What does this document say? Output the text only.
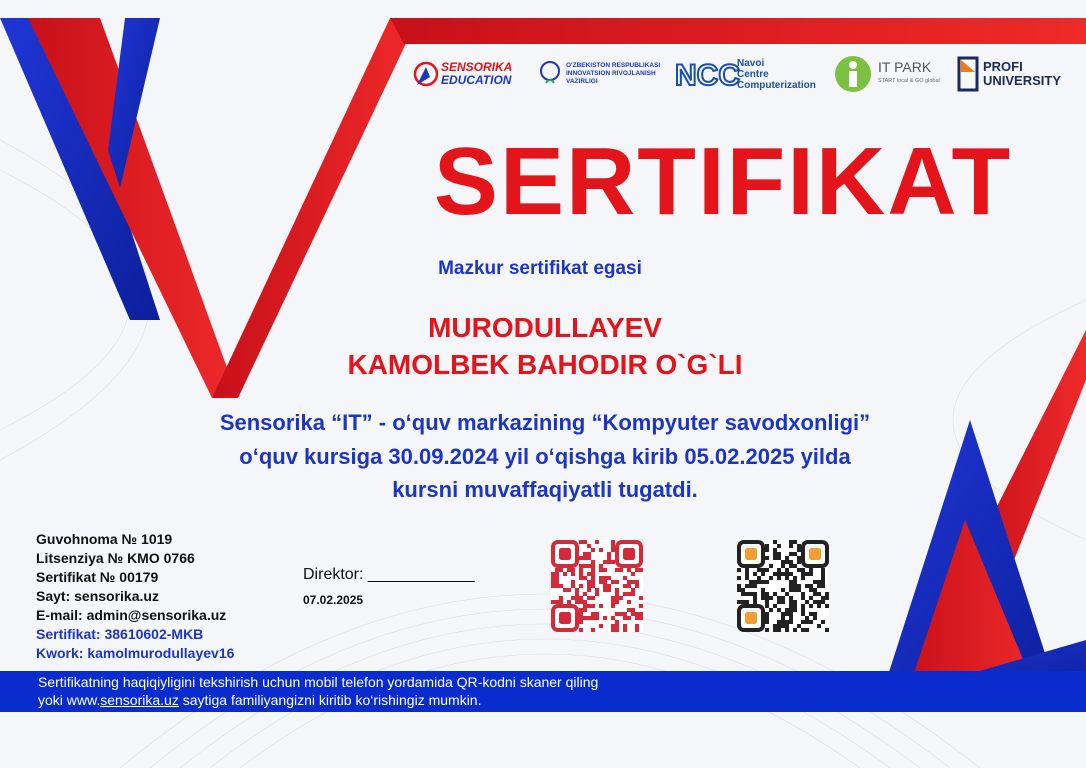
SENSORIKA
EDUCATION
O'ZBEKISTON RESPUBLIKASI
INNOVATSION RIVOJLANISH
VAZIRLIGI	NCC
Navoi
Centre
Computerization
IT PARK
START local & GO global
PROFI
UNIVERSITY
SERTIFIKAT

Mazkur sertifikat egasi

MURODULLAYEV

KAMOLBEK BAHODIR O`G`LI

Sensorika “IT” - o‘quv markazining “Kompyuter savodxonligi”

o‘quv kursiga 30.09.2024 yil o‘qishga kirib 05.02.2025 yilda

kursni muvaffaqiyatli tugatdi.

Guvohnoma № 1019

Litsenziya № KMO 0766

Sertifikat № 00179

Sayt: sensorika.uz

E-mail: admin@sensorika.uz

Sertifikat: 38610602-MKB

Kwork: kamolmurodullayev16

Direktor: ____________

07.02.2025

Sertifikatning haqiqiyligini tekshirish uchun mobil telefon yordamida QR-kodni skaner qiling

yoki www.sensorika.uz saytiga familiyangizni kiritib ko‘rishingiz mumkin.
